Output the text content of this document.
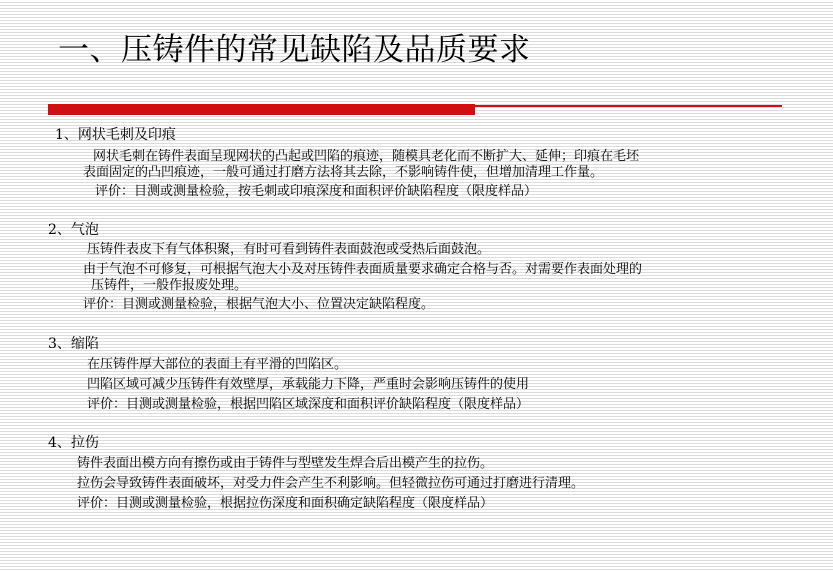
一、压铸件的常见缺陷及品质要求

1、网状毛刺及印痕

网状毛刺在铸件表面呈现网状的凸起或凹陷的痕迹，随模具老化而不断扩大、延伸；印痕在毛坯

表面固定的凸凹痕迹，一般可通过打磨方法将其去除，不影响铸件使，但增加清理工作量。

评价：目测或测量检验，按毛刺或印痕深度和面积评价缺陷程度（限度样品）

2、气泡

压铸件表皮下有气体积聚，有时可看到铸件表面鼓泡或受热后面鼓泡。

由于气泡不可修复，可根据气泡大小及对压铸件表面质量要求确定合格与否。对需要作表面处理的

压铸件，一般作报废处理。

评价：目测或测量检验，根据气泡大小、位置决定缺陷程度。

3、缩陷

在压铸件厚大部位的表面上有平滑的凹陷区。

凹陷区域可减少压铸件有效壁厚，承载能力下降，严重时会影响压铸件的使用

评价：目测或测量检验，根据凹陷区域深度和面积评价缺陷程度（限度样品）

4、拉伤

铸件表面出模方向有擦伤或由于铸件与型壁发生焊合后出模产生的拉伤。

拉伤会导致铸件表面破坏，对受力件会产生不利影响。但轻微拉伤可通过打磨进行清理。

评价：目测或测量检验，根据拉伤深度和面积确定缺陷程度（限度样品）
